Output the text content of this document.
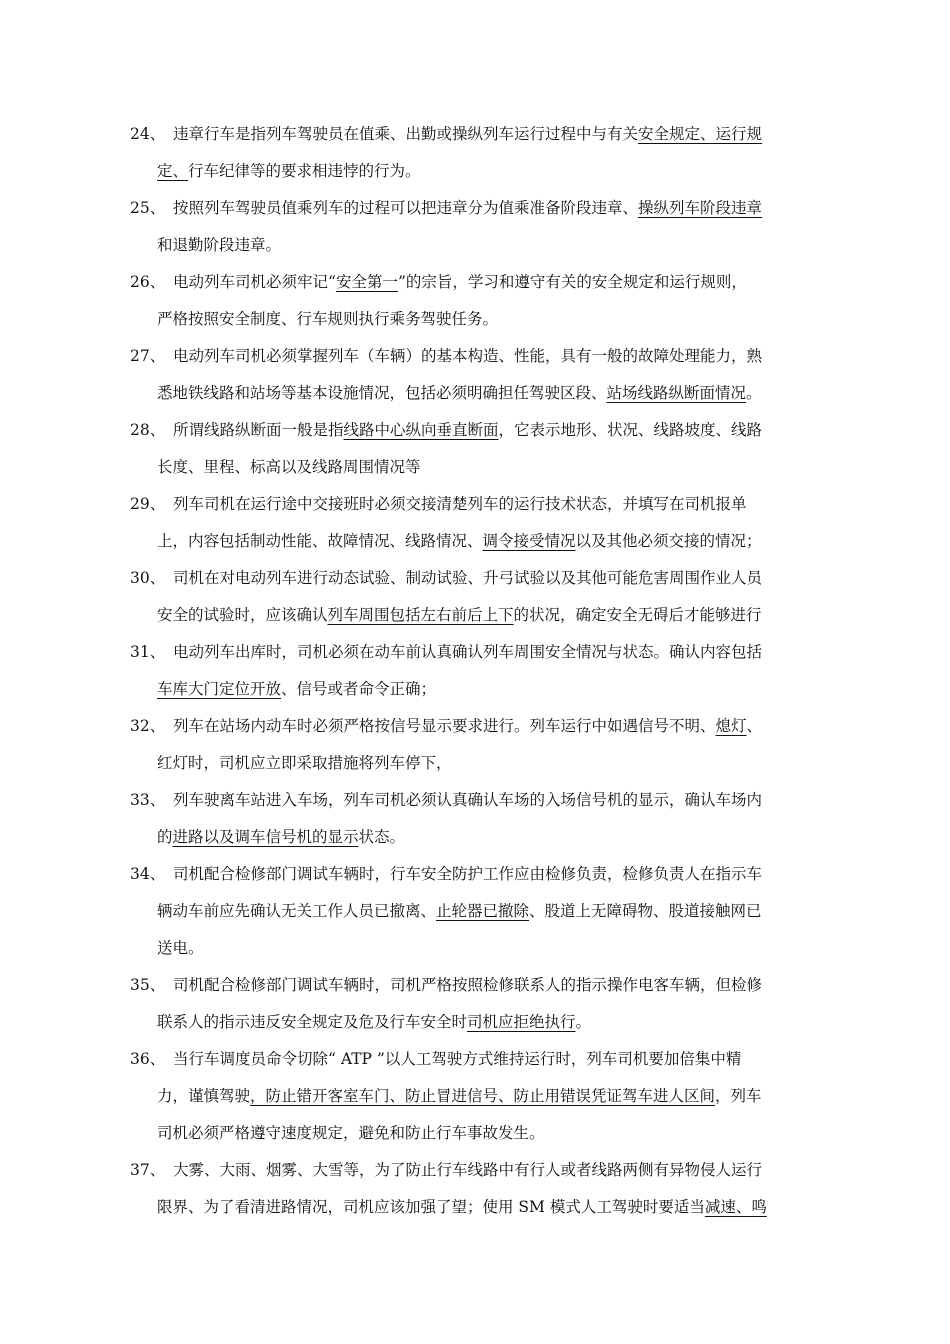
24、 违章行车是指列车驾驶员在值乘、出勤或操纵列车运行过程中与有关安全规定、运行规
定、行车纪律等的要求相违悖的行为。
25、 按照列车驾驶员值乘列车的过程可以把违章分为值乘准备阶段违章、操纵列车阶段违章
和退勤阶段违章。
26、 电动列车司机必须牢记“安全第一”的宗旨，学习和遵守有关的安全规定和运行规则，
严格按照安全制度、行车规则执行乘务驾驶任务。
27、 电动列车司机必须掌握列车（车辆）的基本构造、性能，具有一般的故障处理能力，熟
悉地铁线路和站场等基本设施情况，包括必须明确担任驾驶区段、站场线路纵断面情况。
28、 所谓线路纵断面一般是指线路中心纵向垂直断面，它表示地形、状况、线路坡度、线路
长度、里程、标高以及线路周围情况等
29、 列车司机在运行途中交接班时必须交接清楚列车的运行技术状态，并填写在司机报单
上，内容包括制动性能、故障情况、线路情况、调令接受情况以及其他必须交接的情况；
30、 司机在对电动列车进行动态试验、制动试验、升弓试验以及其他可能危害周围作业人员
安全的试验时，应该确认列车周围包括左右前后上下的状况，确定安全无碍后才能够进行
31、 电动列车出库时，司机必须在动车前认真确认列车周围安全情况与状态。确认内容包括
车库大门定位开放、信号或者命令正确；
32、 列车在站场内动车时必须严格按信号显示要求进行。列车运行中如遇信号不明、熄灯、
红灯时，司机应立即采取措施将列车停下，
33、 列车驶离车站进入车场，列车司机必须认真确认车场的入场信号机的显示，确认车场内
的进路以及调车信号机的显示状态。
34、 司机配合检修部门调试车辆时，行车安全防护工作应由检修负责，检修负责人在指示车
辆动车前应先确认无关工作人员已撤离、止轮器已撤除、股道上无障碍物、股道接触网已
送电。
35、 司机配合检修部门调试车辆时，司机严格按照检修联系人的指示操作电客车辆，但检修
联系人的指示违反安全规定及危及行车安全时司机应拒绝执行。
36、 当行车调度员命令切除“ ATP ”以人工驾驶方式维持运行时，列车司机要加倍集中精
力，谨慎驾驶，防止错开客室车门、防止冒进信号、防止用错误凭证驾车进人区间，列车
司机必须严格遵守速度规定，避免和防止行车事故发生。
37、 大雾、大雨、烟雾、大雪等，为了防止行车线路中有行人或者线路两侧有异物侵人运行
限界、为了看清进路情况，司机应该加强了望；使用 SM 模式人工驾驶时要适当减速、鸣
